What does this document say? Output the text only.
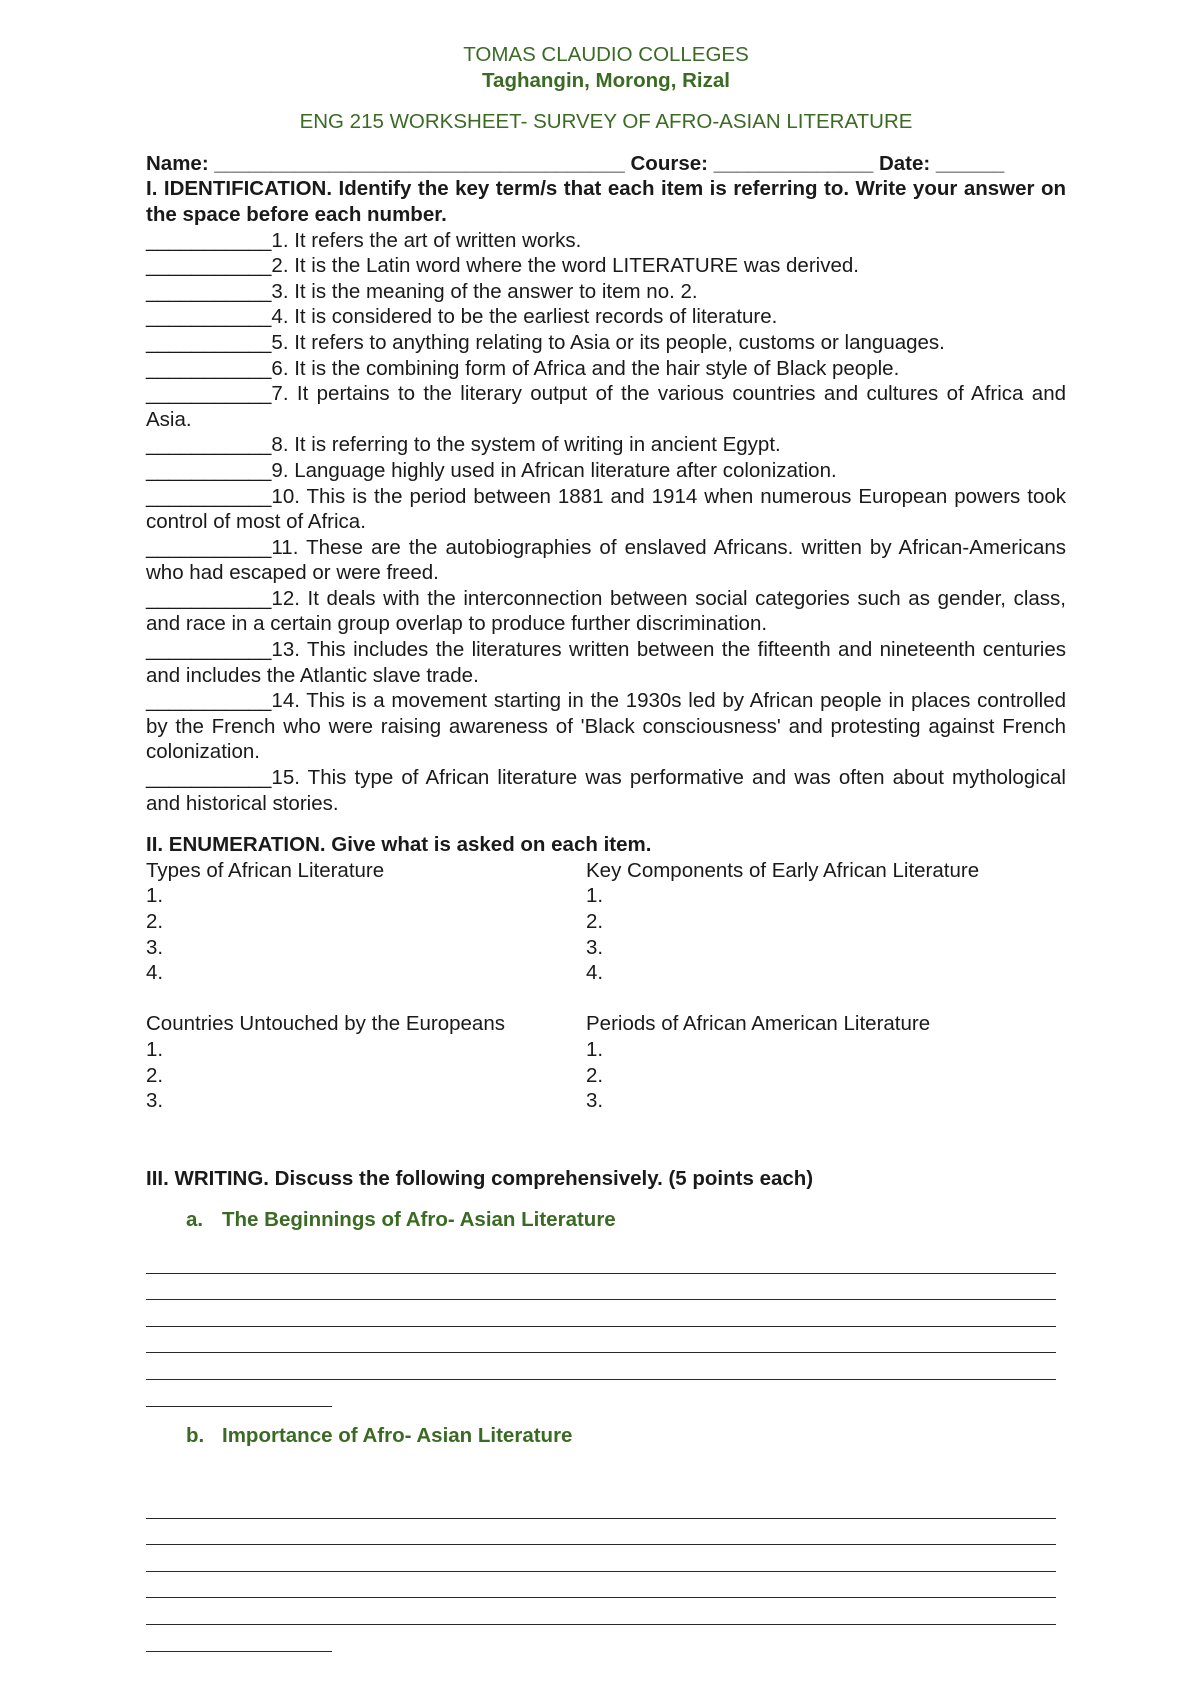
TOMAS CLAUDIO COLLEGES
Taghangin, Morong, Rizal
ENG 215 WORKSHEET- SURVEY OF AFRO-ASIAN LITERATURE
Name: ____________________________________ Course: ______________ Date: ______
I. IDENTIFICATION. Identify the key term/s that each item is referring to. Write your answer on the space before each number.

___________1. It refers the art of written works.

___________2. It is the Latin word where the word LITERATURE was derived.

___________3. It is the meaning of the answer to item no. 2.

___________4. It is considered to be the earliest records of literature.

___________5. It refers to anything relating to Asia or its people, customs or languages.

___________6. It is the combining form of Africa and the hair style of Black people.

___________7. It pertains to the literary output of the various countries and cultures of Africa and Asia.

___________8. It is referring to the system of writing in ancient Egypt.

___________9. Language highly used in African literature after colonization.

___________10. This is the period between 1881 and 1914 when numerous European powers took control of most of Africa.

___________11. These are the autobiographies of enslaved Africans. written by African-Americans who had escaped or were freed.

___________12. It deals with the interconnection between social categories such as gender, class, and race in a certain group overlap to produce further discrimination.

___________13. This includes the literatures written between the fifteenth and nineteenth centuries and includes the Atlantic slave trade.

___________14. This is a movement starting in the 1930s led by African people in places controlled by the French who were raising awareness of 'Black consciousness' and protesting against French colonization.

___________15. This type of African literature was performative and was often about mythological and historical stories.

II. ENUMERATION. Give what is asked on each item.
Types of African Literature
1.
2.
3.
4.
Key Components of Early African Literature
1.
2.
3.
4.
Countries Untouched by the Europeans
1.
2.
3.
Periods of African American Literature
1.
2.
3.
III. WRITING. Discuss the following comprehensively. (5 points each)
a. The Beginnings of Afro- Asian Literature
b. Importance of Afro- Asian Literature
